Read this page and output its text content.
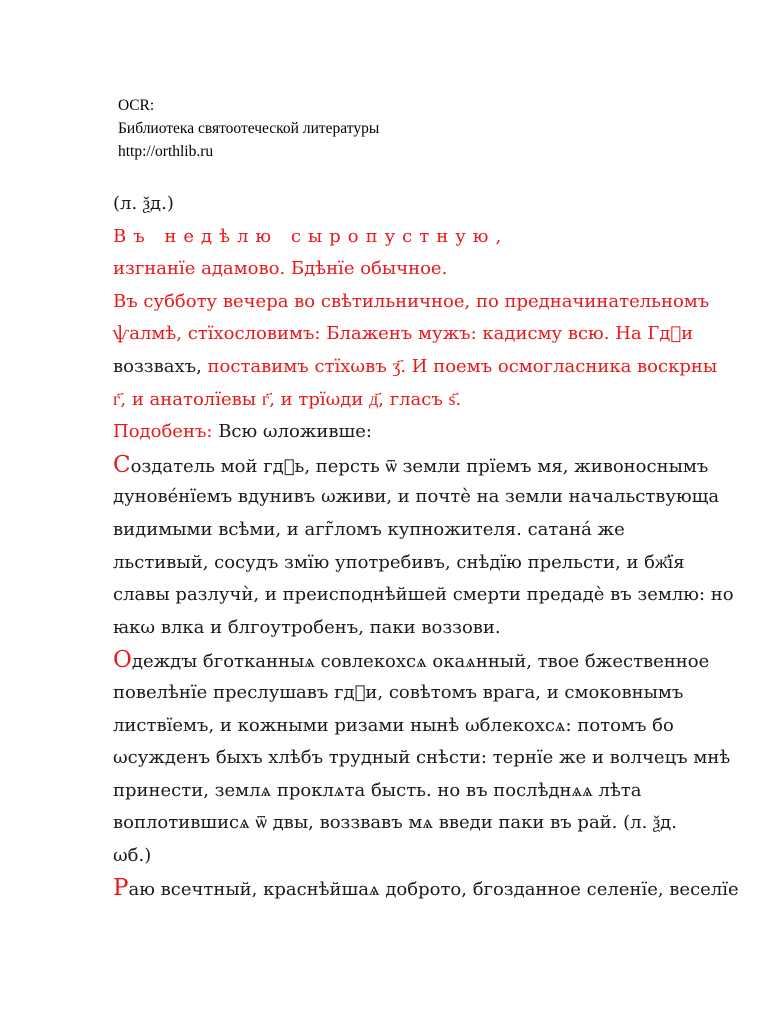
OCR:
Библиотека святоотеческой литературы
http://orthlib.ru
(л. ѯд.)
Въ недѣлю сыропустную,
изгнанїе адамово. Бдѣнїе обычное.
Въ субботу вечера во свѣтильничное, по предначинательномъ
ѱалмѣ, стїхословимъ: Блаженъ мужъ: кадисму всю. На Гдⷭи
воззвахъ, поставимъ стїхωвъ ӡ҃. И поемъ осмогласника воскрны
г҃, и анатолїевы г҃, и трїωди д҃, гласъ ѕ҃.
Подобенъ: Всю ωложивше:
Создатель мой гдⷭь, персть ѿ земли прїемъ мя, живоноснымъ
дунове́нїемъ вдунивъ ωживи, и почтѐ на земли начальствующа
видимыми всѣми, и агг̃ломъ купножителя. сатана́ же
льстивый, сосудъ змїю употребивъ, снѣдїю прельсти, и бж҃їя
славы разлучѝ, и преисподнѣйшей смерти предадѐ въ землю: но
ꙗкω влка и блгоутробенъ, паки воззови.
Одеждꙑ бготканныѧ совлекохсѧ окаѧнный, твое бжественное
повелѣнїе преслушавъ гдⷭи, совѣтомъ врага, и смоковнымъ
листвїемъ, и кожными ризами нынѣ ωблекохсѧ: потомъ бо
ωсужденъ быхъ хлѣбъ трудный снѣсти: тернїе же и волчецъ мнѣ
принести, землѧ проклѧта бысть. но въ послѣднѧѧ лѣта
воплотившисѧ ѿ двы, воззвавъ мѧ введи паки въ рай. (л. ѯд.
ωб.)
Раю всечтный, краснѣйшаѧ доброто, бгозданное селенїе, веселїе
